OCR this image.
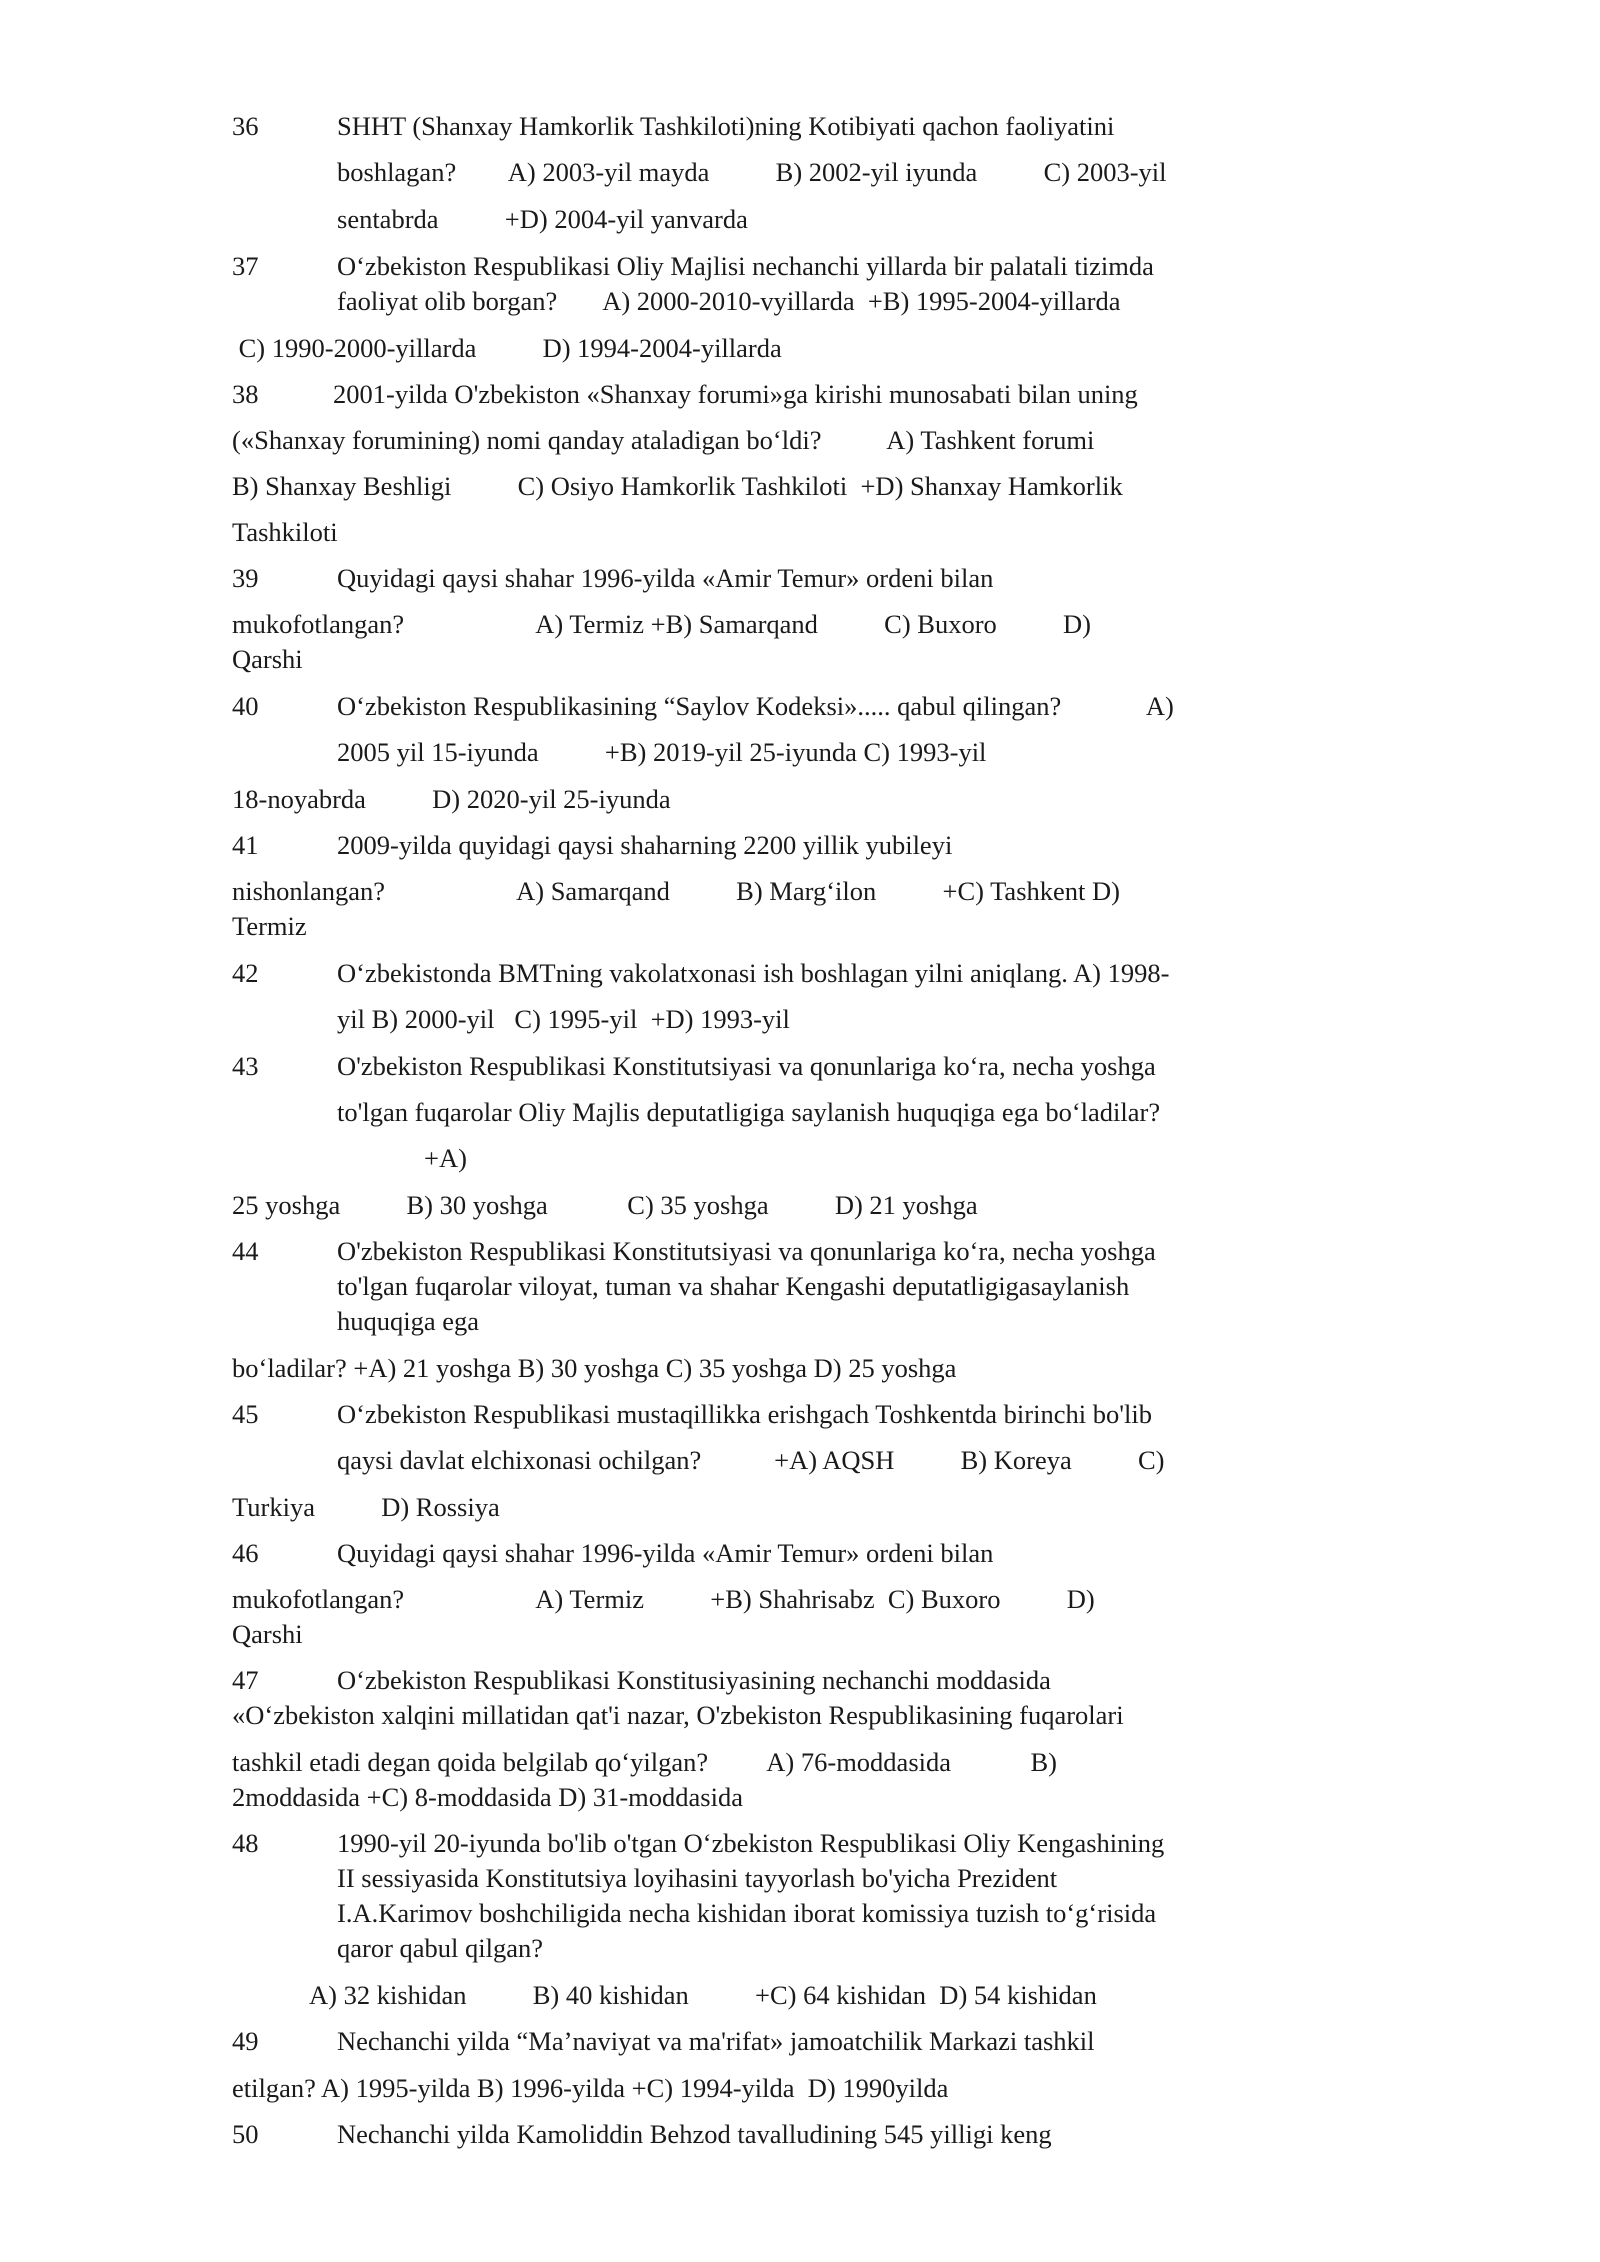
36	SHHT (Shanxay Hamkorlik Tashkiloti)ning Kotibiyati qachon faoliyatini
boshlagan?        A) 2003-yil mayda          B) 2002-yil iyunda          C) 2003-yil
sentabrda          +D) 2004-yil yanvarda
37	O‘zbekiston Respublikasi Oliy Majlisi nechanchi yillarda bir palatali tizimda
faoliyat olib borgan?       A) 2000-2010-vyillarda  +B) 1995-2004-yillarda
C) 1990-2000-yillarda          D) 1994-2004-yillarda
38	2001-yilda O'zbekiston «Shanxay forumi»ga kirishi munosabati bilan uning
(«Shanxay forumining) nomi qanday ataladigan bo‘ldi?          A) Tashkent forumi
B) Shanxay Beshligi          C) Osiyo Hamkorlik Tashkiloti  +D) Shanxay Hamkorlik
Tashkiloti
39	Quyidagi qaysi shahar 1996-yilda «Amir Temur» ordeni bilan
mukofotlangan?                    A) Termiz +B) Samarqand          C) Buxoro          D)
Qarshi
40	O‘zbekiston Respublikasining “Saylov Kodeksi»..... qabul qilingan?             A)
2005 yil 15-iyunda          +B) 2019-yil 25-iyunda C) 1993-yil
18-noyabrda          D) 2020-yil 25-iyunda
41	2009-yilda quyidagi qaysi shaharning 2200 yillik yubileyi
nishonlangan?                    A) Samarqand          B) Marg‘ilon          +C) Tashkent D)
Termiz
42	O‘zbekistonda BMTning vakolatxonasi ish boshlagan yilni aniqlang. A) 1998-
yil B) 2000-yil   C) 1995-yil  +D) 1993-yil
43	O'zbekiston Respublikasi Konstitutsiyasi va qonunlariga ko‘ra, necha yoshga
to'lgan fuqarolar Oliy Majlis deputatligiga saylanish huquqiga ega bo‘ladilar?
+A)
25 yoshga          B) 30 yoshga            C) 35 yoshga          D) 21 yoshga
44	O'zbekiston Respublikasi Konstitutsiyasi va qonunlariga ko‘ra, necha yoshga
to'lgan fuqarolar viloyat, tuman va shahar Kengashi deputatligigasaylanish
huquqiga ega
bo‘ladilar? +A) 21 yoshga B) 30 yoshga C) 35 yoshga D) 25 yoshga
45	O‘zbekiston Respublikasi mustaqillikka erishgach Toshkentda birinchi bo'lib
qaysi davlat elchixonasi ochilgan?           +A) AQSH          B) Koreya          C)
Turkiya          D) Rossiya
46	Quyidagi qaysi shahar 1996-yilda «Amir Temur» ordeni bilan
mukofotlangan?                    A) Termiz          +B) Shahrisabz  C) Buxoro          D)
Qarshi
47	O‘zbekiston Respublikasi Konstitusiyasining nechanchi moddasida
«O‘zbekiston xalqini millatidan qat'i nazar, O'zbekiston Respublikasining fuqarolari
tashkil etadi degan qoida belgilab qo‘yilgan?         A) 76-moddasida            B)
2moddasida +C) 8-moddasida D) 31-moddasida
48	1990-yil 20-iyunda bo'lib o'tgan O‘zbekiston Respublikasi Oliy Kengashining
II sessiyasida Konstitutsiya loyihasini tayyorlash bo'yicha Prezident
I.A.Karimov boshchiligida necha kishidan iborat komissiya tuzish to‘g‘risida
qaror qabul qilgan?
A) 32 kishidan          B) 40 kishidan          +C) 64 kishidan  D) 54 kishidan
49	Nechanchi yilda “Ma’naviyat va ma'rifat» jamoatchilik Markazi tashkil
etilgan? A) 1995-yilda B) 1996-yilda +C) 1994-yilda  D) 1990yilda
50	Nechanchi yilda Kamoliddin Behzod tavalludining 545 yilligi keng
